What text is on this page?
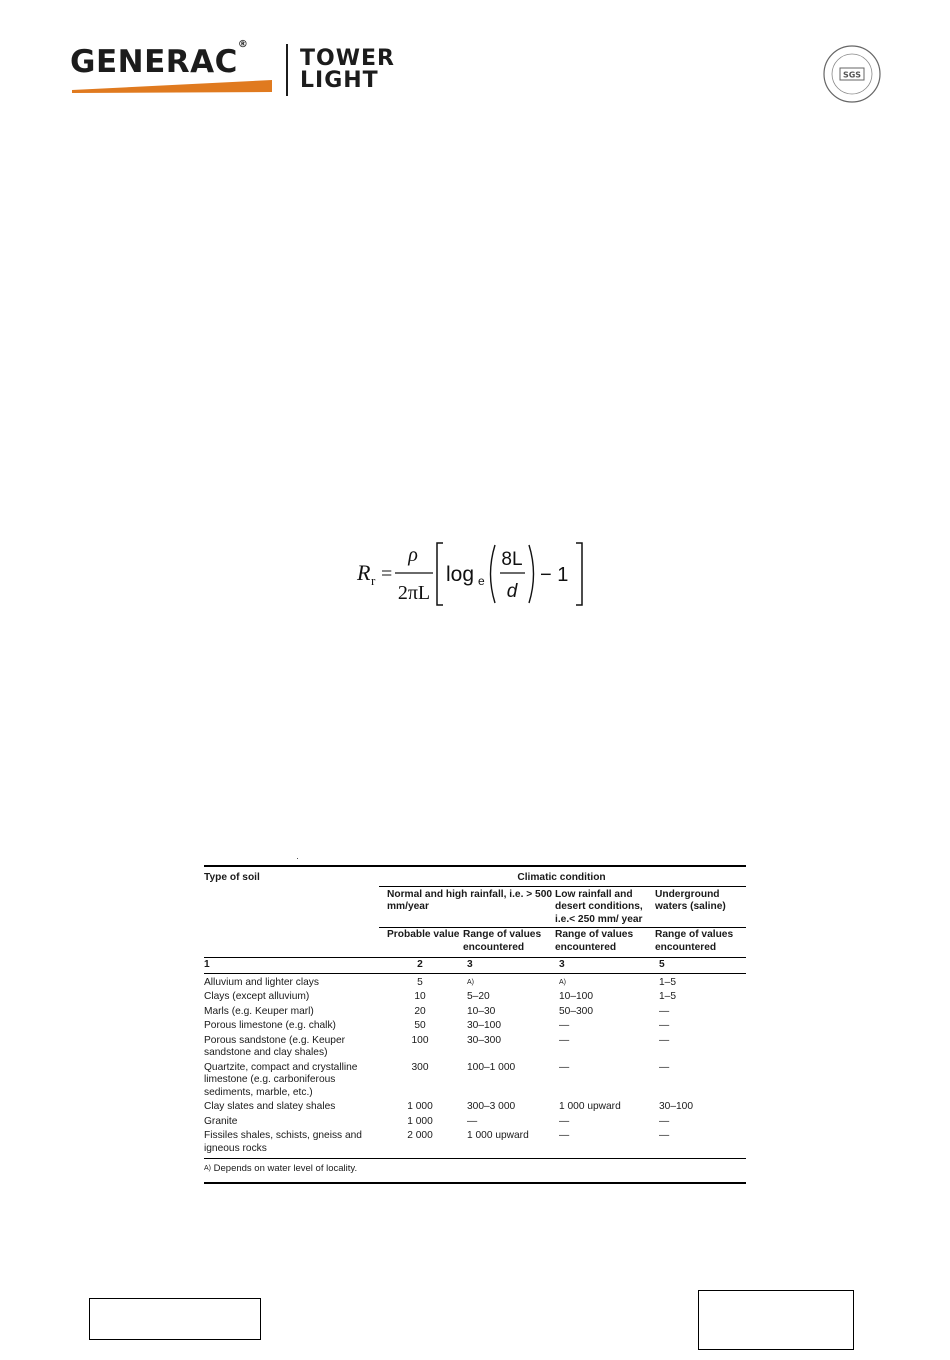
GENERAC®
TOWER
LIGHT	SGS
R r =
ρ
2πL
log e
8L
d
− 1
·
Type of soil	Climatic condition			
	Normal and high rainfall, i.e. > 500 mm/year		Low rainfall and desert conditions, i.e.< 250 mm/ year	Underground waters (saline)
	Probable value	Range of values encountered	Range of values encountered	Range of values encountered
1	2	3	3	5
Alluvium and lighter clays	5	$^{A)}$	$^{A)}$	1–5
Clays (except alluvium)	10	5–20	10–100	1–5
Marls (e.g. Keuper marl)	20	10–30	50–300	—
Porous limestone (e.g. chalk)	50	30–100	—	—
Porous sandstone (e.g. Keuper sandstone and clay shales)	100	30–300	—	—
Quartzite, compact and crystalline limestone (e.g. carboniferous sediments, marble, etc.)	300	100–1 000	—	—
Clay slates and slatey shales	1 000	300–3 000	1 000 upward	30–100
Granite	1 000	—	—	—
Fissiles shales, schists, gneiss and igneous rocks	2 000	1 000 upward	—	—
$^{A)}$ Depends on water level of locality.				
